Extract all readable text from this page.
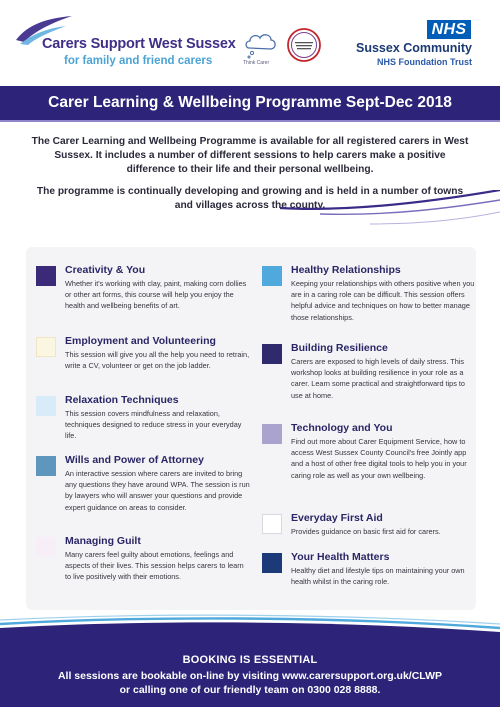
Carers Support West Sussex
for family and friend carers	Think Carer
NHS
Sussex Community
NHS Foundation Trust
Carer Learning & Wellbeing Programme Sept-Dec 2018

The Carer Learning and Wellbeing Programme is available for all registered carers in West Sussex. It includes a number of different sessions to help carers make a positive difference to their life and their personal wellbeing.

The programme is continually developing and growing and is held in a number of towns and villages across the county.

Creativity & You
Whether it's working with clay, paint, making corn dollies or other art forms, this course will help you enjoy the health and wellbeing benefits of art.
Employment and Volunteering
This session will give you all the help you need to retrain, write a CV, volunteer or get on the job ladder.
Relaxation Techniques
This session covers mindfulness and relaxation, techniques designed to reduce stress in your everyday life.
Wills and Power of Attorney
An interactive session where carers are invited to bring any questions they have around WPA. The session is run by lawyers who will answer your questions and provide expert guidance on areas to consider.
Managing Guilt
Many carers feel guilty about emotions, feelings and aspects of their lives. This session helps carers to learn to live positively with their emotions.
Healthy Relationships
Keeping your relationships with others positive when you are in a caring role can be difficult. This session offers helpful advice and techniques on how to better manage those relationships.
Building Resilience
Carers are exposed to high levels of daily stress. This workshop looks at building resilience in your role as a carer. Learn some practical and straightforward tips to use at home.
Technology and You
Find out more about Carer Equipment Service, how to access West Sussex County Council's free Jointly app and a host of other free digital tools to help you in your caring role as well as your own wellbeing.
Everyday First Aid
Provides guidance on basic first aid for carers.
Your Health Matters
Healthy diet and lifestyle tips on maintaining your own health whilst in the caring role.
BOOKING IS ESSENTIAL
All sessions are bookable on-line by visiting www.carersupport.org.uk/CLWP
or calling one of our friendly team on 0300 028 8888.
